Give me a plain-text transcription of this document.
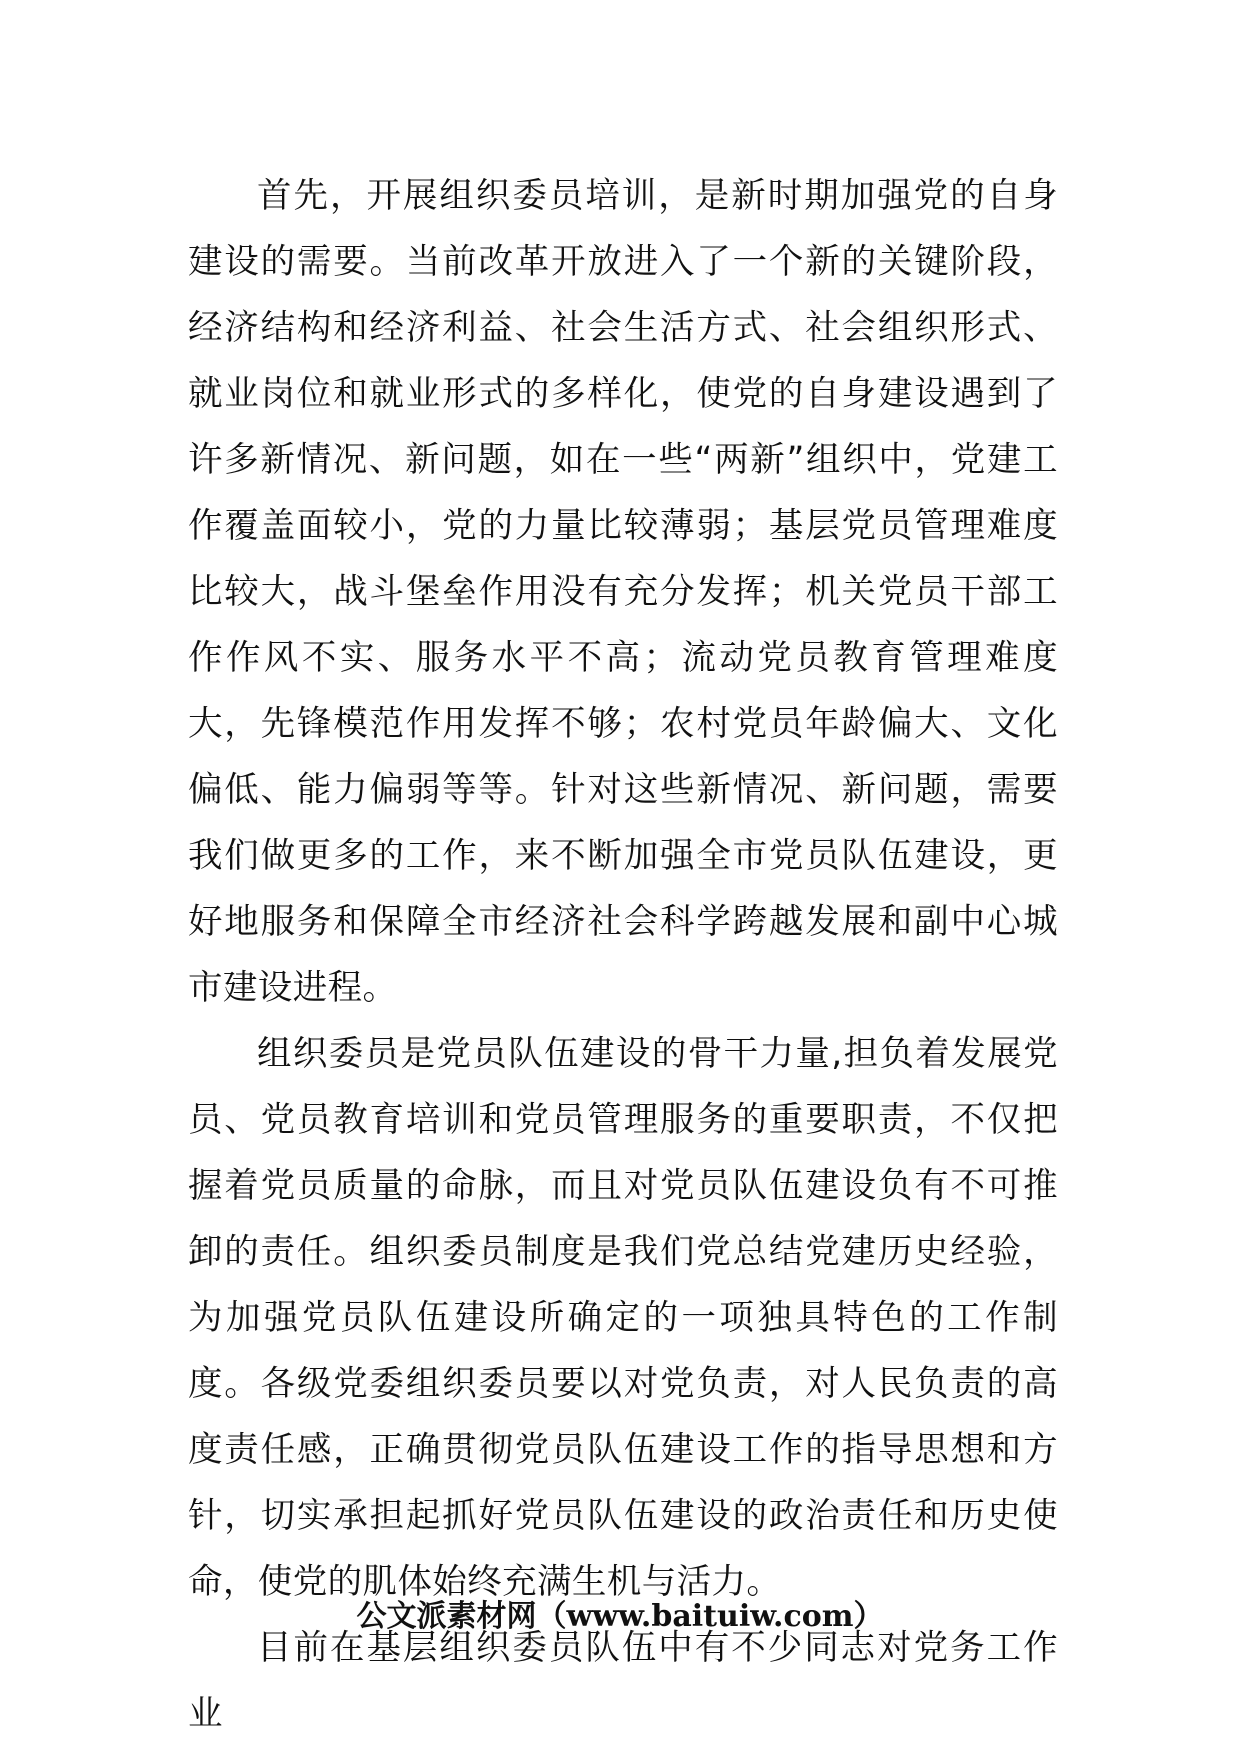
首先，开展组织委员培训，是新时期加强党的自身建设的需要。当前改革开放进入了一个新的关键阶段，经济结构和经济利益、社会生活方式、社会组织形式、就业岗位和就业形式的多样化，使党的自身建设遇到了许多新情况、新问题，如在一些“两新”组织中，党建工作覆盖面较小，党的力量比较薄弱；基层党员管理难度比较大，战斗堡垒作用没有充分发挥；机关党员干部工作作风不实、服务水平不高；流动党员教育管理难度大，先锋模范作用发挥不够；农村党员年龄偏大、文化偏低、能力偏弱等等。针对这些新情况、新问题，需要我们做更多的工作，来不断加强全市党员队伍建设，更好地服务和保障全市经济社会科学跨越发展和副中心城市建设进程。

组织委员是党员队伍建设的骨干力量,担负着发展党员、党员教育培训和党员管理服务的重要职责，不仅把握着党员质量的命脉，而且对党员队伍建设负有不可推卸的责任。组织委员制度是我们党总结党建历史经验，为加强党员队伍建设所确定的一项独具特色的工作制度。各级党委组织委员要以对党负责，对人民负责的高度责任感，正确贯彻党员队伍建设工作的指导思想和方针，切实承担起抓好党员队伍建设的政治责任和历史使命，使党的肌体始终充满生机与活力。

目前在基层组织委员队伍中有不少同志对党务工作业

公文派素材网（www.baituiw.com）
